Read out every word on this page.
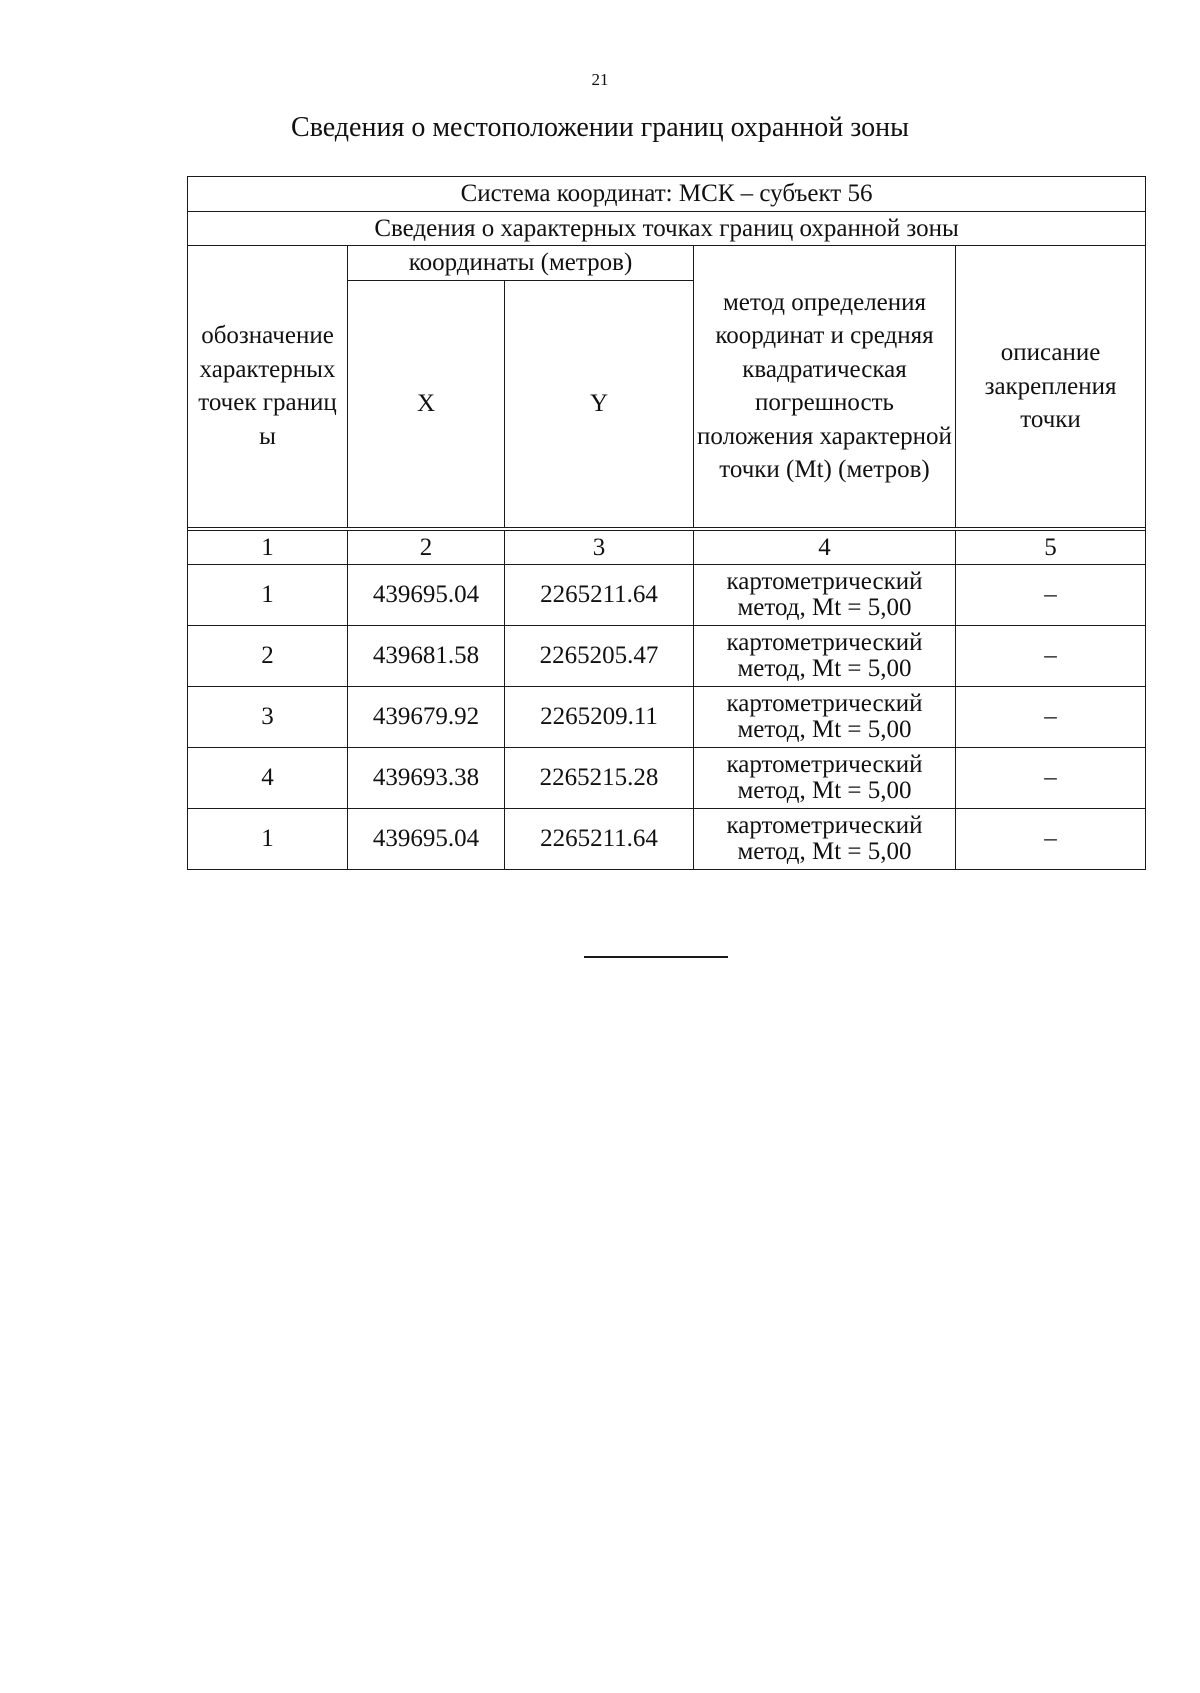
21
Сведения о местоположении границ охранной зоны
Система координат: МСК – субъект 56				
Сведения о характерных точках границ охранной зоны				

обозначение характерных точек границы	координаты (метров)		метод определения координат и средняя квадратическая погрешность положения характерной точки (Mt) (метров)	описание закрепления точки
	X	Y		

1	2	3	4	5
1	439695.04	2265211.64	картометрический метод, Mt = 5,00	–
2	439681.58	2265205.47	картометрический метод, Mt = 5,00	–
3	439679.92	2265209.11	картометрический метод, Mt = 5,00	–
4	439693.38	2265215.28	картометрический метод, Mt = 5,00	–
1	439695.04	2265211.64	картометрический метод, Mt = 5,00	–
